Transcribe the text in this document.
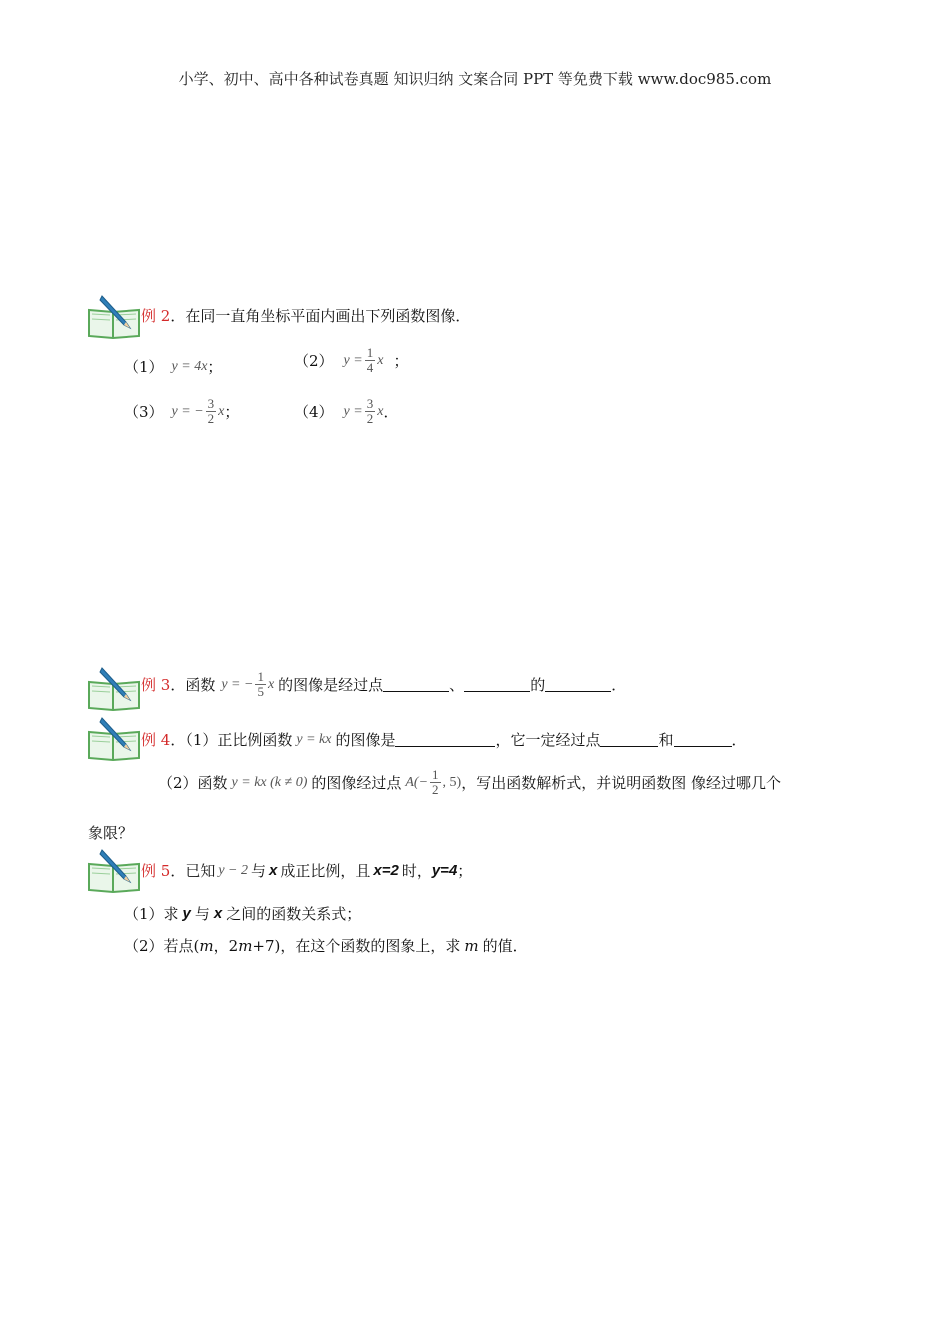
小学、初中、高中各种试卷真题 知识归纳 文案合同 PPT 等免费下载 www.doc985.com
例 2 ．在同一直角坐标平面内画出下列函数图像．
（1） y = 4x ；	（2） $y = \frac{1}{4}$ x ；
（3） y = − $\frac{3}{2}$ x ；	（4） $y = \frac{3}{2}$ x ．
例 3 ．函数 y = − $\frac{1}{5}$ x 的图像是经过点	、	的	．
例 4 ．（1）正比例函数 y = kx 的图像是	，它一定经过点	和	．
（2）函数 y = kx (k ≠ 0) 的图像经过点 $A(- \frac{1}{2}$ , 5) ，写出函数解析式，并说明函数图 像经过哪几个
象限？
例 5 ．已知 y − 2 与 x 成正比例，且 x=2 时， y=4 ；
（1）求 y 与 x 之间的函数关系式；
（2）若点( m ，2 m +7)，在这个函数的图象上，求 m 的值．
